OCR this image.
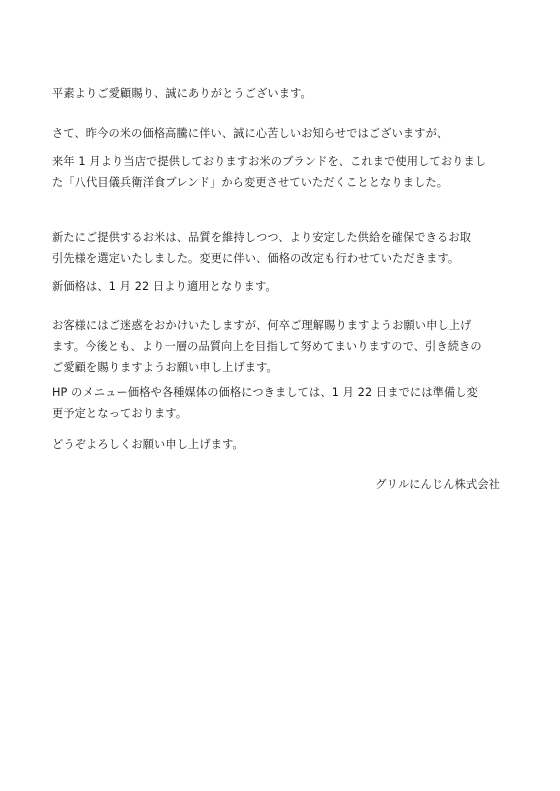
平素よりご愛顧賜り、誠にありがとうございます。

さて、昨今の米の価格高騰に伴い、誠に心苦しいお知らせではございますが、

来年 1 月より当店で提供しておりますお米のブランドを、これまで使用しておりまし
た「八代目儀兵衛洋食ブレンド」から変更させていただくこととなりました。

新たにご提供するお米は、品質を維持しつつ、より安定した供給を確保できるお取
引先様を選定いたしました。変更に伴い、価格の改定も行わせていただきます。

新価格は、1 月 22 日より適用となります。

お客様にはご迷惑をおかけいたしますが、何卒ご理解賜りますようお願い申し上げ
ます。今後とも、より一層の品質向上を目指して努めてまいりますので、引き続きの
ご愛顧を賜りますようお願い申し上げます。

HP のメニュー価格や各種媒体の価格につきましては、1 月 22 日までには準備し変
更予定となっております。

どうぞよろしくお願い申し上げます。

グリルにんじん株式会社
